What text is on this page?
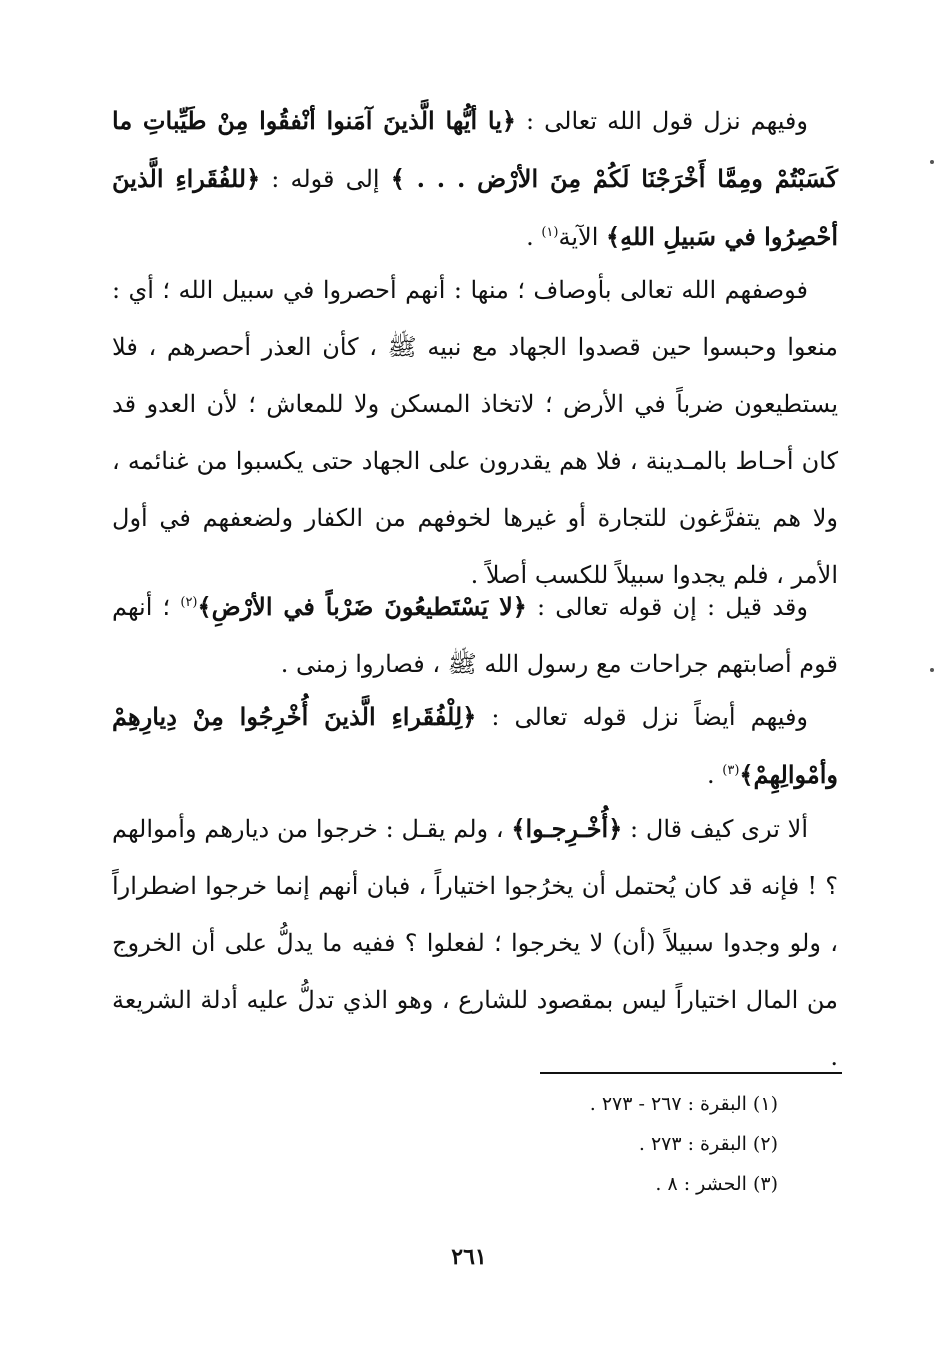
وفيهم نزل قول الله تعالى : ﴿يا أيُّها الَّذينَ آمَنوا أنْفقُوا مِنْ طَيِّباتِ ما كَسَبْتُمْ ومِمَّا أَخْرَجْنَا لَكُمْ مِنَ الأرْض . . . ﴾ إلى قوله : ﴿للفُقَراءِ الَّذينَ أحْصِرُوا في سَبيلِ اللهِ﴾ الآية$^{(١)}$ .

فوصفهم الله تعالى بأوصاف ؛ منها : أنهم أحصروا في سبيل الله ؛ أي : منعوا وحبسوا حين قصدوا الجهاد مع نبيه ﷺ ، كأن العذر أحصرهم ، فلا يستطيعون ضرباً في الأرض ؛ لاتخاذ المسكن ولا للمعاش ؛ لأن العدو قد كان أحـاط بالمـدينة ، فلا هم يقدرون على الجهاد حتى يكسبوا من غنائمه ، ولا هم يتفرَّغون للتجارة أو غيرها لخوفهم من الكفار ولضعفهم في أول الأمر ، فلم يجدوا سبيلاً للكسب أصلاً .

وقد قيل : إن قوله تعالى : ﴿لا يَسْتَطيعُونَ ضَرْباً في الأرْضِ﴾$^{(٢)}$ ؛ أنهم قوم أصابتهم جراحات مع رسول الله ﷺ ، فصاروا زمنى .

وفيهم أيضاً نزل قوله تعالى : ﴿لِلْفُقَراءِ الَّذينَ أُخْرِجُوا مِنْ دِيارِهِمْ وأمْوالِهِمْ﴾$^{(٣)}$ .

ألا ترى كيف قال : ﴿أُخْـرِجـوا﴾ ، ولم يقـل : خرجوا من ديارهم وأموالهم ؟ ! فإنه قد كان يُحتمل أن يخرُجوا اختياراً ، فبان أنهم إنما خرجوا اضطراراً ، ولو وجدوا سبيلاً (أن) لا يخرجوا ؛ لفعلوا ؟ ففيه ما يدلُّ على أن الخروج من المال اختياراً ليس بمقصود للشارع ، وهو الذي تدلُّ عليه أدلة الشريعة .

(١) البقرة : ٢٦٧ - ٢٧٣ .

(٢) البقرة : ٢٧٣ .

(٣) الحشر : ٨ .

٢٦١
